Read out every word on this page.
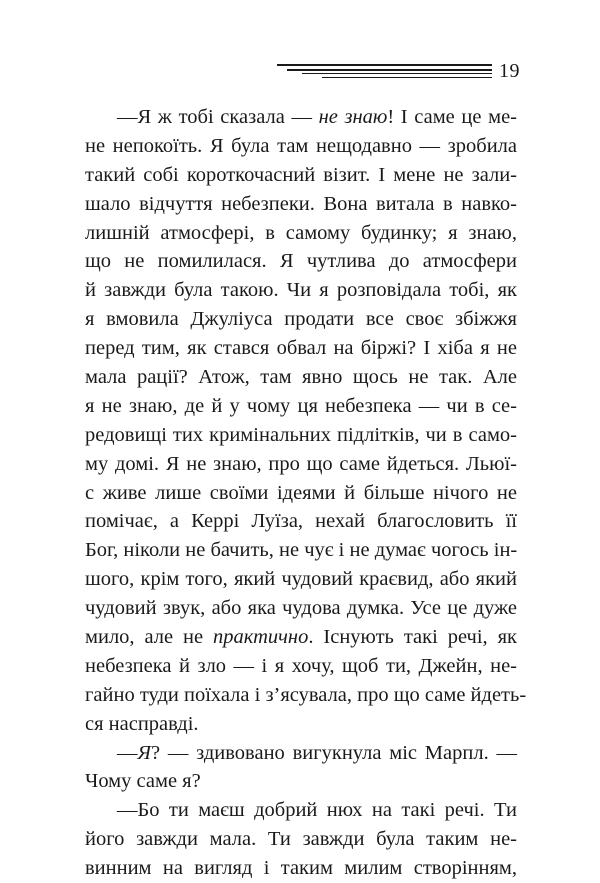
19
—Я ж тобі сказала — не знаю! І саме це ме-
не непокоїть. Я була там нещодавно — зробила
такий собі короткочасний візит. І мене не зали-
шало відчуття небезпеки. Вона витала в навко-
лишній атмосфері, в самому будинку; я знаю,
що не помилилася. Я чутлива до атмосфери
й завжди була такою. Чи я розповідала тобі, як
я вмовила Джуліуса продати все своє збіжжя
перед тим, як стався обвал на біржі? І хіба я не
мала рації? Атож, там явно щось не так. Але
я не знаю, де й у чому ця небезпека — чи в се-
редовищі тих кримінальних підлітків, чи в само-
му домі. Я не знаю, про що саме йдеться. Льюї-
с живе лише своїми ідеями й більше нічого не
помічає, а Керрі Луїза, нехай благословить її
Бог, ніколи не бачить, не чує і не думає чогось ін-
шого, крім того, який чудовий краєвид, або який
чудовий звук, або яка чудова думка. Усе це дуже
мило, але не практично. Існують такі речі, як
небезпека й зло — і я хочу, щоб ти, Джейн, не-
гайно туди поїхала і з’ясувала, про що саме йдеть-
ся насправді.
—Я? — здивовано вигукнула міс Марпл. —
Чому саме я?
—Бо ти маєш добрий нюх на такі речі. Ти
його завжди мала. Ти завжди була таким не-
винним на вигляд і таким милим створінням,
